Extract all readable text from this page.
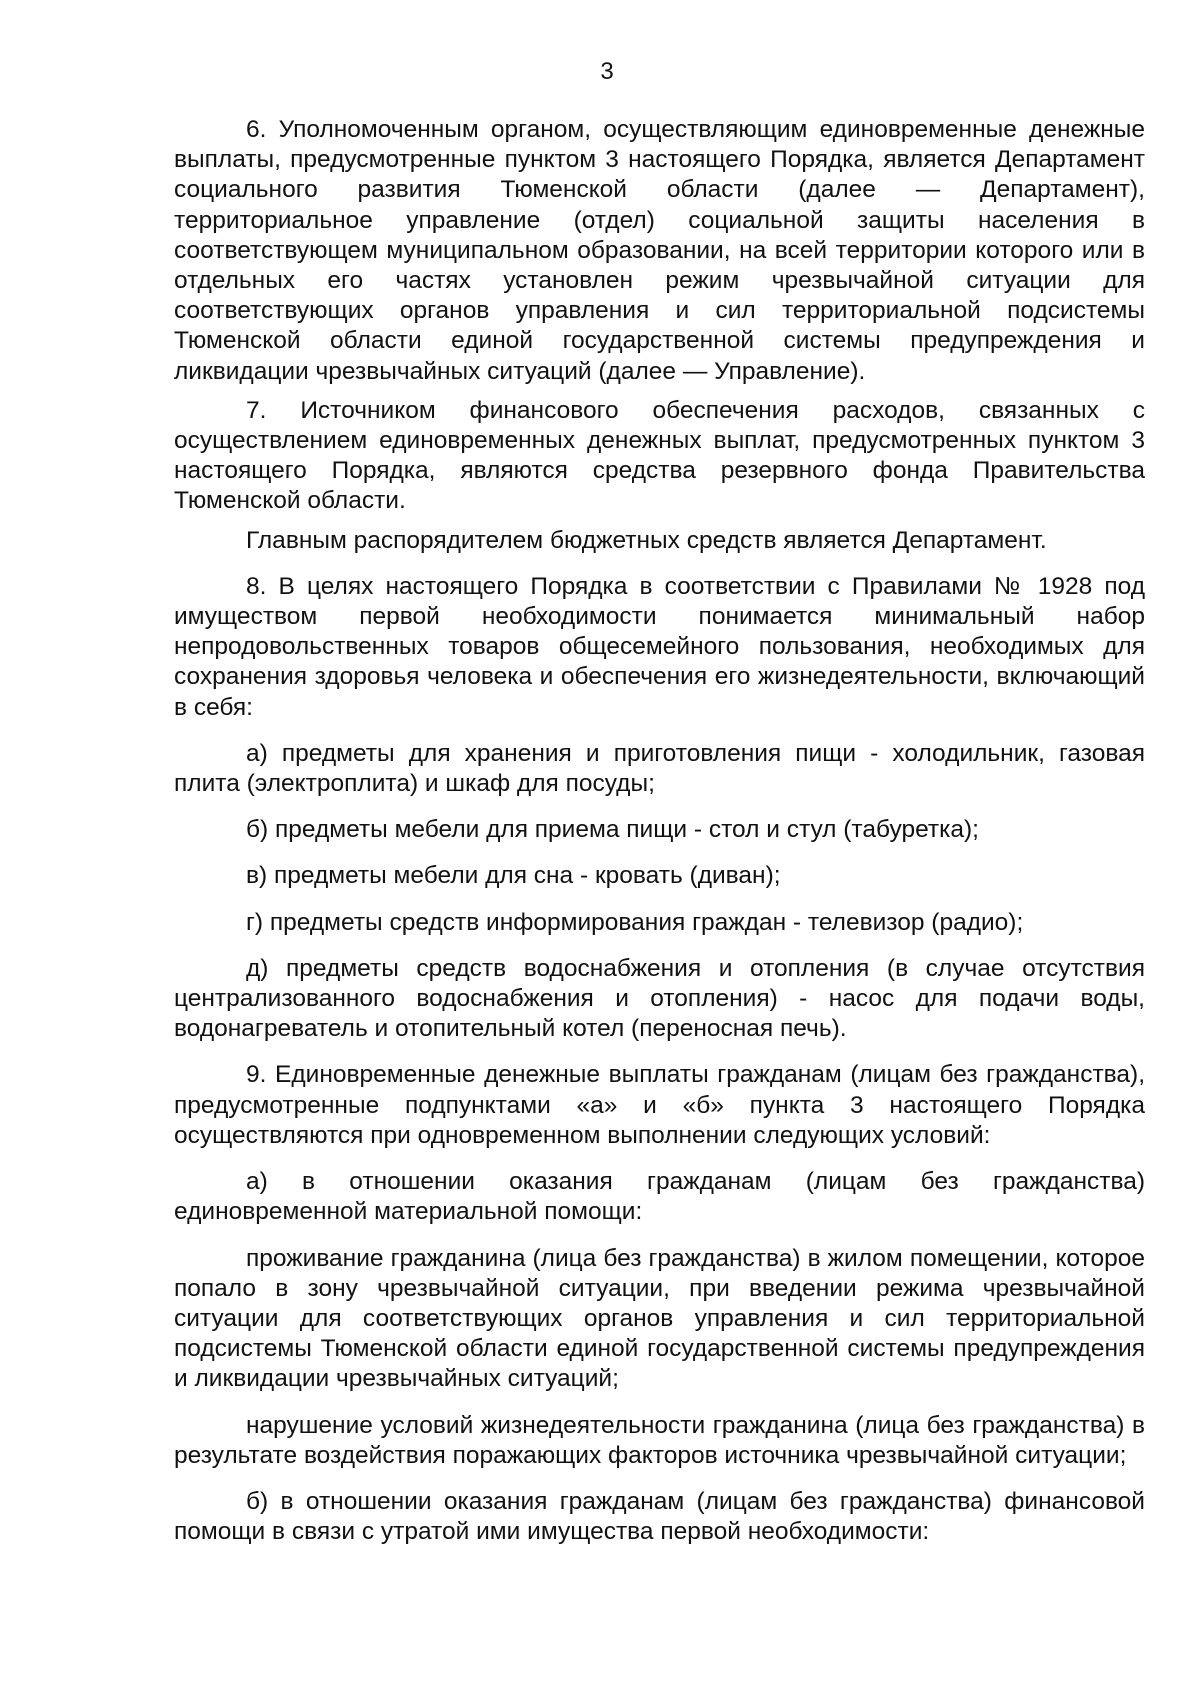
3

6. Уполномоченным органом, осуществляющим единовременные денежные выплаты, предусмотренные пунктом 3 настоящего Порядка, является Департамент социального развития Тюменской области (далее — Департамент), территориальное управление (отдел) социальной защиты населения в соответствующем муниципальном образовании, на всей территории которого или в отдельных его частях установлен режим чрезвычайной ситуации для соответствующих органов управления и сил территориальной подсистемы Тюменской области единой государственной системы предупреждения и ликвидации чрезвычайных ситуаций (далее — Управление).

7. Источником финансового обеспечения расходов, связанных с осуществлением единовременных денежных выплат, предусмотренных пунктом 3 настоящего Порядка, являются средства резервного фонда Правительства Тюменской области.

Главным распорядителем бюджетных средств является Департамент.

8. В целях настоящего Порядка в соответствии с Правилами № 1928 под имуществом первой необходимости понимается минимальный набор непродовольственных товаров общесемейного пользования, необходимых для сохранения здоровья человека и обеспечения его жизнедеятельности, включающий в себя:

а) предметы для хранения и приготовления пищи - холодильник, газовая плита (электроплита) и шкаф для посуды;

б) предметы мебели для приема пищи - стол и стул (табуретка);

в) предметы мебели для сна - кровать (диван);

г) предметы средств информирования граждан - телевизор (радио);

д) предметы средств водоснабжения и отопления (в случае отсутствия централизованного водоснабжения и отопления) - насос для подачи воды, водонагреватель и отопительный котел (переносная печь).

9. Единовременные денежные выплаты гражданам (лицам без гражданства), предусмотренные подпунктами «а» и «б» пункта 3 настоящего Порядка осуществляются при одновременном выполнении следующих условий:

а) в отношении оказания гражданам (лицам без гражданства) единовременной материальной помощи:

проживание гражданина (лица без гражданства) в жилом помещении, которое попало в зону чрезвычайной ситуации, при введении режима чрезвычайной ситуации для соответствующих органов управления и сил территориальной подсистемы Тюменской области единой государственной системы предупреждения и ликвидации чрезвычайных ситуаций;

нарушение условий жизнедеятельности гражданина (лица без гражданства) в результате воздействия поражающих факторов источника чрезвычайной ситуации;

б) в отношении оказания гражданам (лицам без гражданства) финансовой помощи в связи с утратой ими имущества первой необходимости:
